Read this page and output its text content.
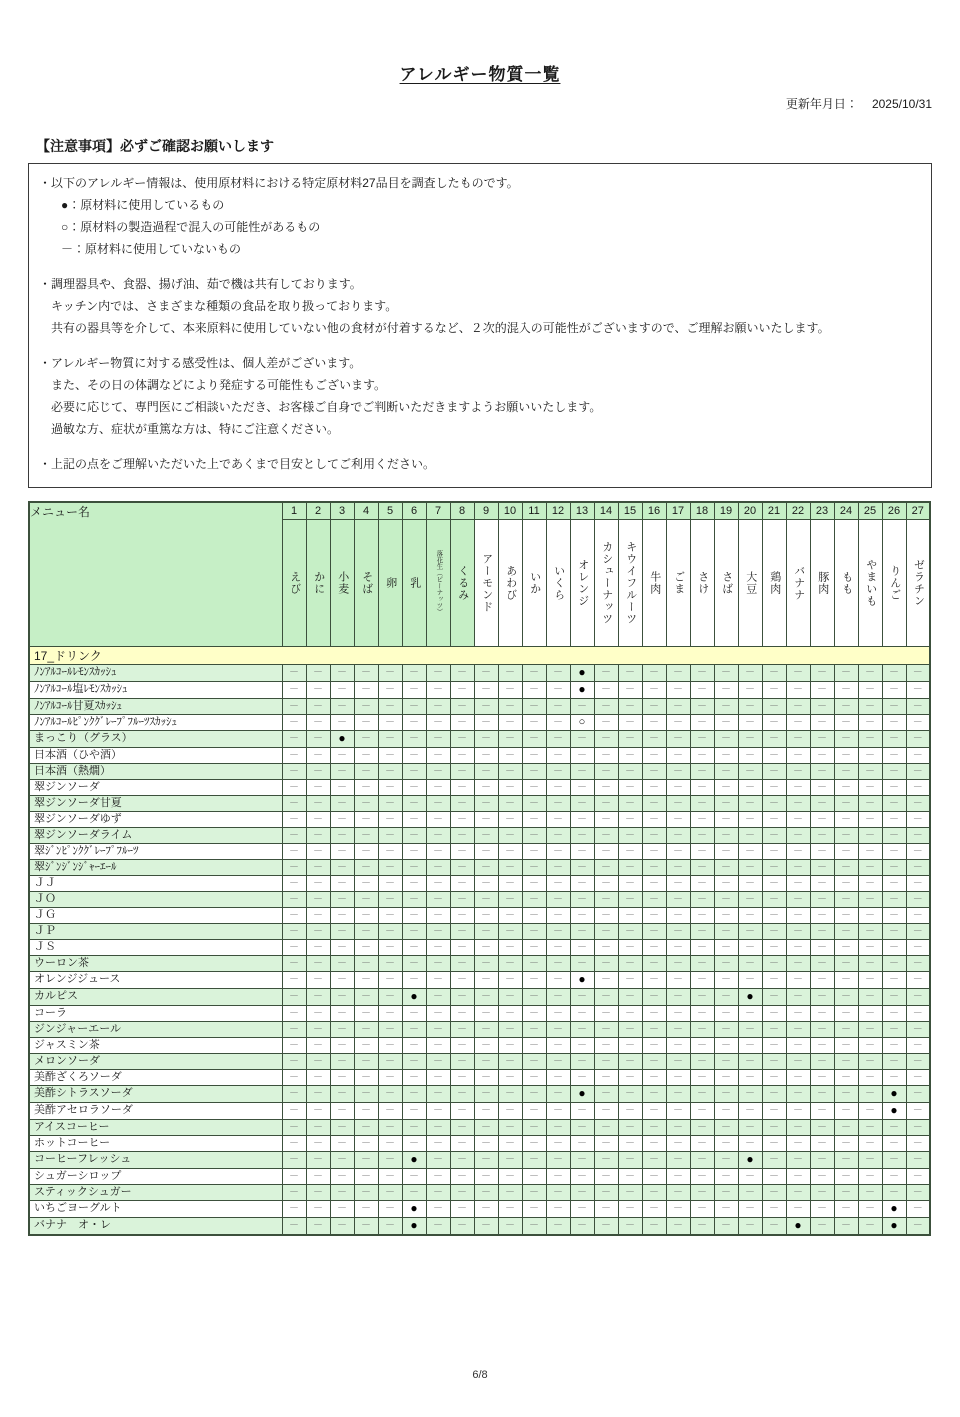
アレルギー物質一覧
更新年月日： 2025/10/31
【注意事項】必ずご確認お願いします
・以下のアレルギー情報は、使用原材料における特定原材料27品目を調査したものです。
●：原材料に使用しているもの
○：原材料の製造過程で混入の可能性があるもの
－：原材料に使用していないもの
・調理器具や、食器、揚げ油、茹で機は共有しております。
キッチン内では、さまざまな種類の食品を取り扱っております。
共有の器具等を介して、本来原料に使用していない他の食材が付着するなど、２次的混入の可能性がございますので、ご理解お願いいたします。
・アレルギー物質に対する感受性は、個人差がございます。
また、その日の体調などにより発症する可能性もございます。
必要に応じて、専門医にご相談いただき、お客様ご自身でご判断いただきますようお願いいたします。
過敏な方、症状が重篤な方は、特にご注意ください。
・上記の点をご理解いただいた上であくまで目安としてご利用ください。
メニュー名	1	2	3	4	5	6	7	8	9	10	11	12	13	14	15	16	17	18	19	20	21	22	23	24	25	26	27

	えび	かに	小麦	そば	卵	乳	落花生（ピーナッツ）	くるみ	アーモンド	あわび	いか	いくら	オレンジ	カシューナッツ	キウイフルーツ	牛肉	ごま	さけ	さば	大豆	鶏肉	バナナ	豚肉	もも	やまいも	りんご	ゼラチン

17_ドリンク																											
ﾉﾝｱﾙｺｰﾙﾚﾓﾝｽｶｯｼｭ	－	－	－	－	－	－	－	－	－	－	－	－	●	－	－	－	－	－	－	－	－	－	－	－	－	－	－
ﾉﾝｱﾙｺｰﾙ塩ﾚﾓﾝｽｶｯｼｭ	－	－	－	－	－	－	－	－	－	－	－	－	●	－	－	－	－	－	－	－	－	－	－	－	－	－	－
ﾉﾝｱﾙｺｰﾙ甘夏ｽｶｯｼｭ	－	－	－	－	－	－	－	－	－	－	－	－	－	－	－	－	－	－	－	－	－	－	－	－	－	－	－
ﾉﾝｱﾙｺｰﾙﾋﾟﾝｸｸﾞﾚｰﾌﾟﾌﾙｰﾂｽｶｯｼｭ	－	－	－	－	－	－	－	－	－	－	－	－	○	－	－	－	－	－	－	－	－	－	－	－	－	－	－
まっこり（グラス）	－	－	●	－	－	－	－	－	－	－	－	－	－	－	－	－	－	－	－	－	－	－	－	－	－	－	－
日本酒（ひや酒）	－	－	－	－	－	－	－	－	－	－	－	－	－	－	－	－	－	－	－	－	－	－	－	－	－	－	－
日本酒（熱燗）	－	－	－	－	－	－	－	－	－	－	－	－	－	－	－	－	－	－	－	－	－	－	－	－	－	－	－
翠ジンソーダ	－	－	－	－	－	－	－	－	－	－	－	－	－	－	－	－	－	－	－	－	－	－	－	－	－	－	－
翠ジンソーダ甘夏	－	－	－	－	－	－	－	－	－	－	－	－	－	－	－	－	－	－	－	－	－	－	－	－	－	－	－
翠ジンソーダゆず	－	－	－	－	－	－	－	－	－	－	－	－	－	－	－	－	－	－	－	－	－	－	－	－	－	－	－
翠ジンソーダライム	－	－	－	－	－	－	－	－	－	－	－	－	－	－	－	－	－	－	－	－	－	－	－	－	－	－	－
翠ｼﾞﾝﾋﾟﾝｸｸﾞﾚｰﾌﾟﾌﾙｰﾂ	－	－	－	－	－	－	－	－	－	－	－	－	－	－	－	－	－	－	－	－	－	－	－	－	－	－	－
翠ｼﾞﾝｼﾞﾝｼﾞｬｰｴｰﾙ	－	－	－	－	－	－	－	－	－	－	－	－	－	－	－	－	－	－	－	－	－	－	－	－	－	－	－
ＪＪ	－	－	－	－	－	－	－	－	－	－	－	－	－	－	－	－	－	－	－	－	－	－	－	－	－	－	－
ＪＯ	－	－	－	－	－	－	－	－	－	－	－	－	－	－	－	－	－	－	－	－	－	－	－	－	－	－	－
ＪＧ	－	－	－	－	－	－	－	－	－	－	－	－	－	－	－	－	－	－	－	－	－	－	－	－	－	－	－
ＪＰ	－	－	－	－	－	－	－	－	－	－	－	－	－	－	－	－	－	－	－	－	－	－	－	－	－	－	－
ＪＳ	－	－	－	－	－	－	－	－	－	－	－	－	－	－	－	－	－	－	－	－	－	－	－	－	－	－	－
ウーロン茶	－	－	－	－	－	－	－	－	－	－	－	－	－	－	－	－	－	－	－	－	－	－	－	－	－	－	－
オレンジジュース	－	－	－	－	－	－	－	－	－	－	－	－	●	－	－	－	－	－	－	－	－	－	－	－	－	－	－
カルピス	－	－	－	－	－	●	－	－	－	－	－	－	－	－	－	－	－	－	－	●	－	－	－	－	－	－	－
コーラ	－	－	－	－	－	－	－	－	－	－	－	－	－	－	－	－	－	－	－	－	－	－	－	－	－	－	－
ジンジャーエール	－	－	－	－	－	－	－	－	－	－	－	－	－	－	－	－	－	－	－	－	－	－	－	－	－	－	－
ジャスミン茶	－	－	－	－	－	－	－	－	－	－	－	－	－	－	－	－	－	－	－	－	－	－	－	－	－	－	－
メロンソーダ	－	－	－	－	－	－	－	－	－	－	－	－	－	－	－	－	－	－	－	－	－	－	－	－	－	－	－
美酢ざくろソーダ	－	－	－	－	－	－	－	－	－	－	－	－	－	－	－	－	－	－	－	－	－	－	－	－	－	－	－
美酢シトラスソーダ	－	－	－	－	－	－	－	－	－	－	－	－	●	－	－	－	－	－	－	－	－	－	－	－	－	●	－
美酢アセロラソーダ	－	－	－	－	－	－	－	－	－	－	－	－	－	－	－	－	－	－	－	－	－	－	－	－	－	●	－
アイスコーヒー	－	－	－	－	－	－	－	－	－	－	－	－	－	－	－	－	－	－	－	－	－	－	－	－	－	－	－
ホットコーヒー	－	－	－	－	－	－	－	－	－	－	－	－	－	－	－	－	－	－	－	－	－	－	－	－	－	－	－
コーヒーフレッシュ	－	－	－	－	－	●	－	－	－	－	－	－	－	－	－	－	－	－	－	●	－	－	－	－	－	－	－
シュガーシロップ	－	－	－	－	－	－	－	－	－	－	－	－	－	－	－	－	－	－	－	－	－	－	－	－	－	－	－
スティックシュガー	－	－	－	－	－	－	－	－	－	－	－	－	－	－	－	－	－	－	－	－	－	－	－	－	－	－	－
いちごヨーグルト	－	－	－	－	－	●	－	－	－	－	－	－	－	－	－	－	－	－	－	－	－	－	－	－	－	●	－
バナナ　オ・レ	－	－	－	－	－	●	－	－	－	－	－	－	－	－	－	－	－	－	－	－	－	●	－	－	－	●	－
6/8
